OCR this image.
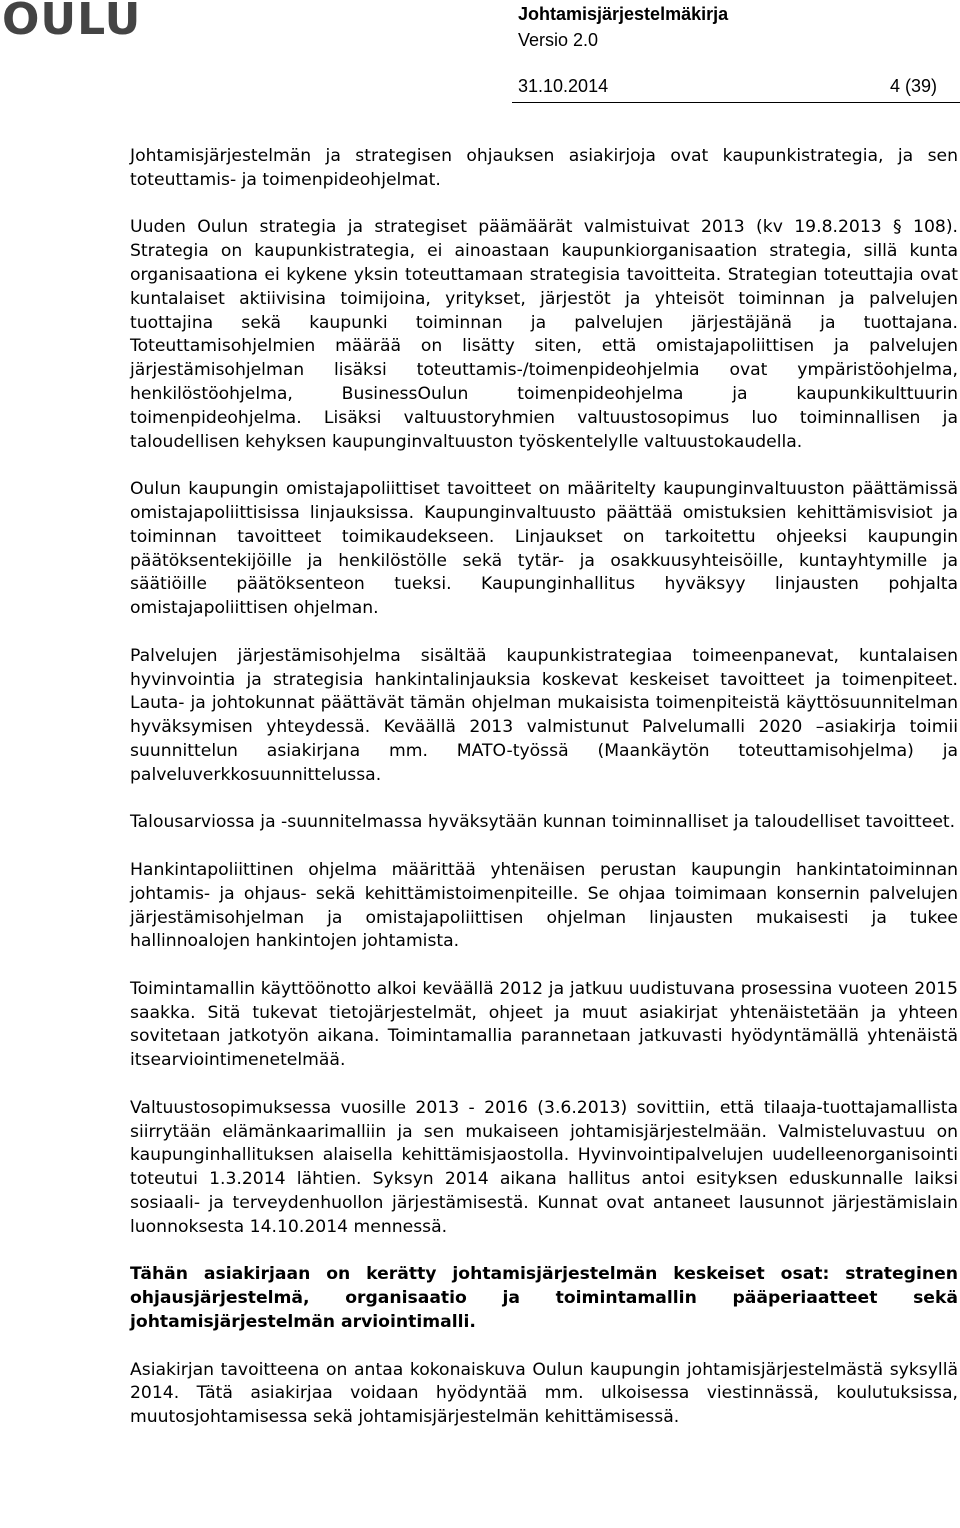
OULU	Johtamisjärjestelmäkirja
Versio 2.0
31.10.2014	4 (39)

Johtamisjärjestelmän ja strategisen ohjauksen asiakirjoja ovat kaupunkistrategia, ja sen toteuttamis- ja toimenpideohjelmat.

Uuden Oulun strategia ja strategiset päämäärät valmistuivat 2013 (kv 19.8.2013 § 108). Strategia on kaupunkistrategia, ei ainoastaan kaupunkiorganisaation strategia, sillä kunta organisaationa ei kykene yksin toteuttamaan strategisia tavoitteita. Strategian toteuttajia ovat kuntalaiset aktiivisina toimijoina, yritykset, järjestöt ja yhteisöt toiminnan ja palvelujen tuottajina sekä kaupunki toiminnan ja palvelujen järjestäjänä ja tuottajana. Toteuttamisohjelmien määrää on lisätty siten, että omistajapoliittisen ja palvelujen järjestämisohjelman lisäksi toteuttamis-/toimenpideohjelmia ovat ympäristöohjelma, henkilöstöohjelma, BusinessOulun toimenpideohjelma ja kaupunkikulttuurin toimenpideohjelma. Lisäksi valtuustoryhmien valtuustosopimus luo toiminnallisen ja taloudellisen kehyksen kaupunginvaltuuston työskentelylle valtuustokaudella.

Oulun kaupungin omistajapoliittiset tavoitteet on määritelty kaupunginvaltuuston päättämissä omistajapoliittisissa linjauksissa. Kaupunginvaltuusto päättää omistuksien kehittämisvisiot ja toiminnan tavoitteet toimikaudekseen. Linjaukset on tarkoitettu ohjeeksi kaupungin päätöksentekijöille ja henkilöstölle sekä tytär- ja osakkuusyhteisöille, kuntayhtymille ja säätiöille päätöksenteon tueksi. Kaupunginhallitus hyväksyy linjausten pohjalta omistajapoliittisen ohjelman.

Palvelujen järjestämisohjelma sisältää kaupunkistrategiaa toimeenpanevat, kuntalaisen hyvinvointia ja strategisia hankintalinjauksia koskevat keskeiset tavoitteet ja toimenpiteet. Lauta- ja johtokunnat päättävät tämän ohjelman mukaisista toimenpiteistä käyttösuunnitelman hyväksymisen yhteydessä. Keväällä 2013 valmistunut Palvelumalli 2020 –asiakirja toimii suunnittelun asiakirjana mm. MATO-työssä (Maankäytön toteuttamisohjelma) ja palveluverkkosuunnittelussa.

Talousarviossa ja -suunnitelmassa hyväksytään kunnan toiminnalliset ja taloudelliset tavoitteet.

Hankintapoliittinen ohjelma määrittää yhtenäisen perustan kaupungin hankintatoiminnan johtamis- ja ohjaus- sekä kehittämistoimenpiteille. Se ohjaa toimimaan konsernin palvelujen järjestämisohjelman ja omistajapoliittisen ohjelman linjausten mukaisesti ja tukee hallinnoalojen hankintojen johtamista.

Toimintamallin käyttöönotto alkoi keväällä 2012 ja jatkuu uudistuvana prosessina vuoteen 2015 saakka. Sitä tukevat tietojärjestelmät, ohjeet ja muut asiakirjat yhtenäistetään ja yhteen sovitetaan jatkotyön aikana. Toimintamallia parannetaan jatkuvasti hyödyntämällä yhtenäistä itsearviointimenetelmää.

Valtuustosopimuksessa vuosille 2013 - 2016 (3.6.2013) sovittiin, että tilaaja-tuottajamallista siirrytään elämänkaarimalliin ja sen mukaiseen johtamisjärjestelmään. Valmisteluvastuu on kaupunginhallituksen alaisella kehittämisjaostolla. Hyvinvointipalvelujen uudelleenorganisointi toteutui 1.3.2014 lähtien. Syksyn 2014 aikana hallitus antoi esityksen eduskunnalle laiksi sosiaali- ja terveydenhuollon järjestämisestä. Kunnat ovat antaneet lausunnot järjestämislain luonnoksesta 14.10.2014 mennessä.

Tähän asiakirjaan on kerätty johtamisjärjestelmän keskeiset osat: strateginen ohjausjärjestelmä, organisaatio ja toimintamallin pääperiaatteet sekä johtamisjärjestelmän arviointimalli.

Asiakirjan tavoitteena on antaa kokonaiskuva Oulun kaupungin johtamisjärjestelmästä syksyllä 2014. Tätä asiakirjaa voidaan hyödyntää mm. ulkoisessa viestinnässä, koulutuksissa, muutosjohtamisessa sekä johtamisjärjestelmän kehittämisessä.
